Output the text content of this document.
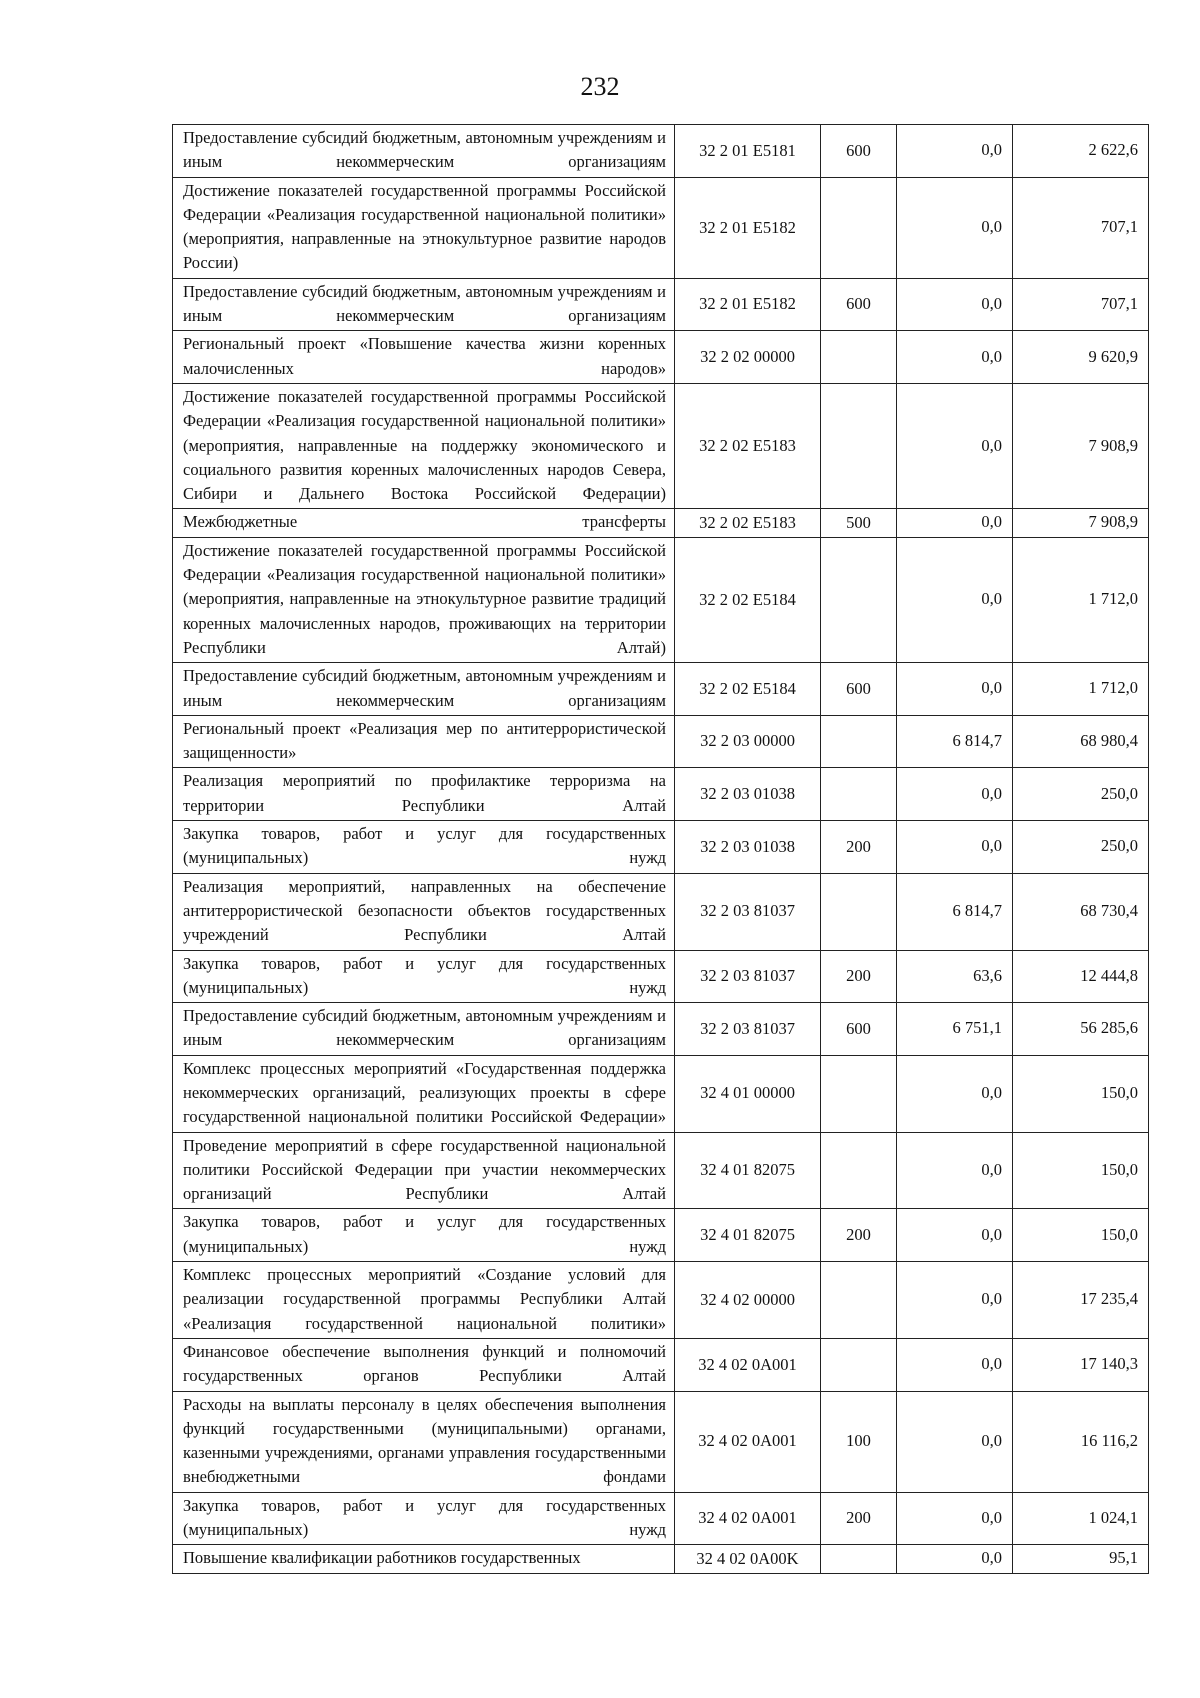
232
Предоставление субсидий бюджетным, автономным учреждениям и иным некоммерческим организациям	32 2 01 E5181	600	0,0	2 622,6
Достижение показателей государственной программы Российской Федерации «Реализация государственной национальной политики» (мероприятия, направленные на этнокультурное развитие народов России)	32 2 01 E5182		0,0	707,1
Предоставление субсидий бюджетным, автономным учреждениям и иным некоммерческим организациям	32 2 01 E5182	600	0,0	707,1
Региональный проект «Повышение качества жизни коренных малочисленных народов»	32 2 02 00000		0,0	9 620,9
Достижение показателей государственной программы Российской Федерации «Реализация государственной национальной политики» (мероприятия, направленные на поддержку экономического и социального развития коренных малочисленных народов Севера, Сибири и Дальнего Востока Российской Федерации)	32 2 02 E5183		0,0	7 908,9
Межбюджетные трансферты	32 2 02 E5183	500	0,0	7 908,9
Достижение показателей государственной программы Российской Федерации «Реализация государственной национальной политики» (мероприятия, направленные на этнокультурное развитие традиций коренных малочисленных народов, проживающих на территории Республики Алтай)	32 2 02 E5184		0,0	1 712,0
Предоставление субсидий бюджетным, автономным учреждениям и иным некоммерческим организациям	32 2 02 E5184	600	0,0	1 712,0
Региональный проект «Реализация мер по антитеррористической защищенности»	32 2 03 00000		6 814,7	68 980,4
Реализация мероприятий по профилактике терроризма на территории Республики Алтай	32 2 03 01038		0,0	250,0
Закупка товаров, работ и услуг для государственных (муниципальных) нужд	32 2 03 01038	200	0,0	250,0
Реализация мероприятий, направленных на обеспечение антитеррористической безопасности объектов государственных учреждений Республики Алтай	32 2 03 81037		6 814,7	68 730,4
Закупка товаров, работ и услуг для государственных (муниципальных) нужд	32 2 03 81037	200	63,6	12 444,8
Предоставление субсидий бюджетным, автономным учреждениям и иным некоммерческим организациям	32 2 03 81037	600	6 751,1	56 285,6
Комплекс процессных мероприятий «Государственная поддержка некоммерческих организаций, реализующих проекты в сфере государственной национальной политики Российской Федерации»	32 4 01 00000		0,0	150,0
Проведение мероприятий в сфере государственной национальной политики Российской Федерации при участии некоммерческих организаций Республики Алтай	32 4 01 82075		0,0	150,0
Закупка товаров, работ и услуг для государственных (муниципальных) нужд	32 4 01 82075	200	0,0	150,0
Комплекс процессных мероприятий «Создание условий для реализации государственной программы Республики Алтай «Реализация государственной национальной политики»	32 4 02 00000		0,0	17 235,4
Финансовое обеспечение выполнения функций и полномочий государственных органов Республики Алтай	32 4 02 0A001		0,0	17 140,3
Расходы на выплаты персоналу в целях обеспечения выполнения функций государственными (муниципальными) органами, казенными учреждениями, органами управления государственными внебюджетными фондами	32 4 02 0A001	100	0,0	16 116,2
Закупка товаров, работ и услуг для государственных (муниципальных) нужд	32 4 02 0A001	200	0,0	1 024,1
Повышение квалификации работников государственных	32 4 02 0A00K		0,0	95,1
